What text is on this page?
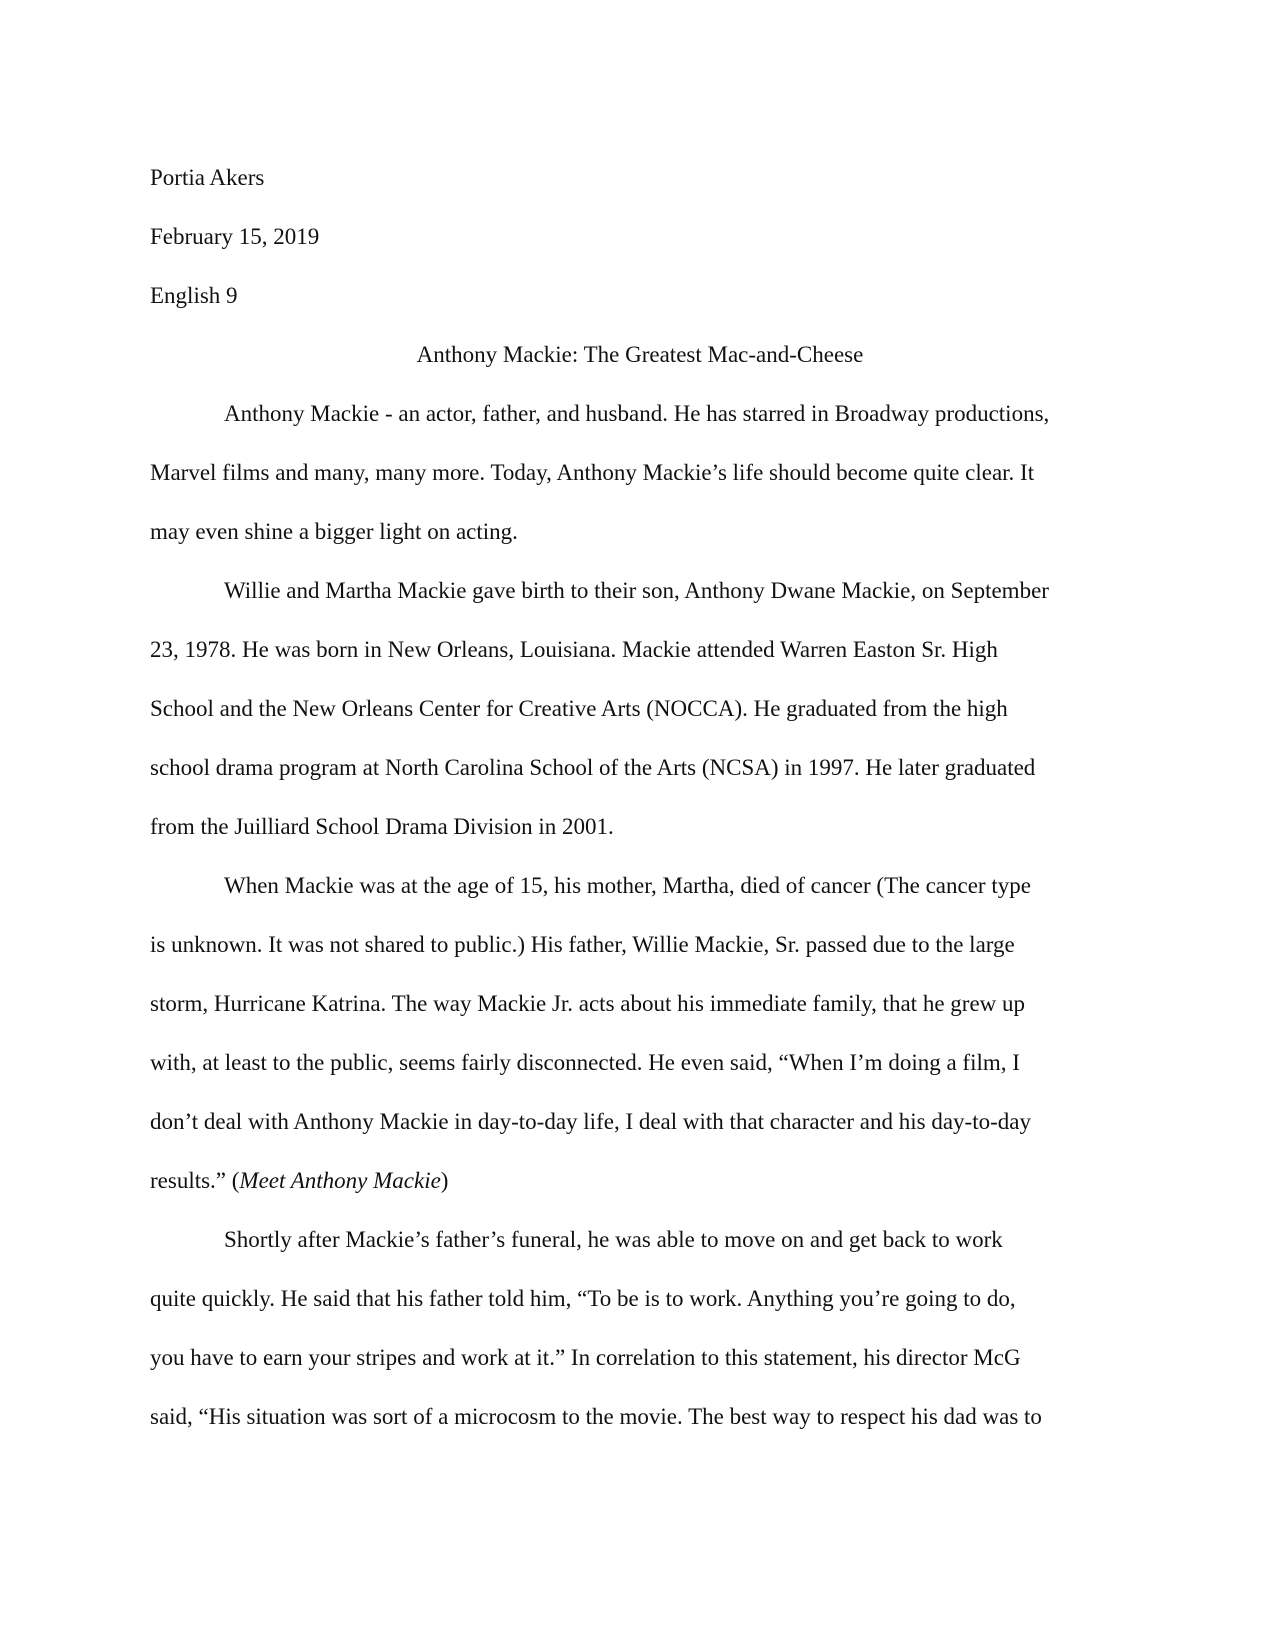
Portia Akers

February 15, 2019

English 9

Anthony Mackie: The Greatest Mac-and-Cheese

Anthony Mackie - an actor, father, and husband. He has starred in Broadway productions,
Marvel films and many, many more. Today, Anthony Mackie’s life should become quite clear. It
may even shine a bigger light on acting.
Willie and Martha Mackie gave birth to their son, Anthony Dwane Mackie, on September
23, 1978. He was born in New Orleans, Louisiana. Mackie attended Warren Easton Sr. High
School and the New Orleans Center for Creative Arts (NOCCA). He graduated from the high
school drama program at North Carolina School of the Arts (NCSA) in 1997. He later graduated
from the Juilliard School Drama Division in 2001.
When Mackie was at the age of 15, his mother, Martha, died of cancer (The cancer type
is unknown. It was not shared to public.) His father, Willie Mackie, Sr. passed due to the large
storm, Hurricane Katrina. The way Mackie Jr. acts about his immediate family, that he grew up
with, at least to the public, seems fairly disconnected. He even said, “When I’m doing a film, I
don’t deal with Anthony Mackie in day-to-day life, I deal with that character and his day-to-day
results.” (Meet Anthony Mackie)
Shortly after Mackie’s father’s funeral, he was able to move on and get back to work
quite quickly. He said that his father told him, “To be is to work. Anything you’re going to do,
you have to earn your stripes and work at it.” In correlation to this statement, his director McG
said, “His situation was sort of a microcosm to the movie. The best way to respect his dad was to
